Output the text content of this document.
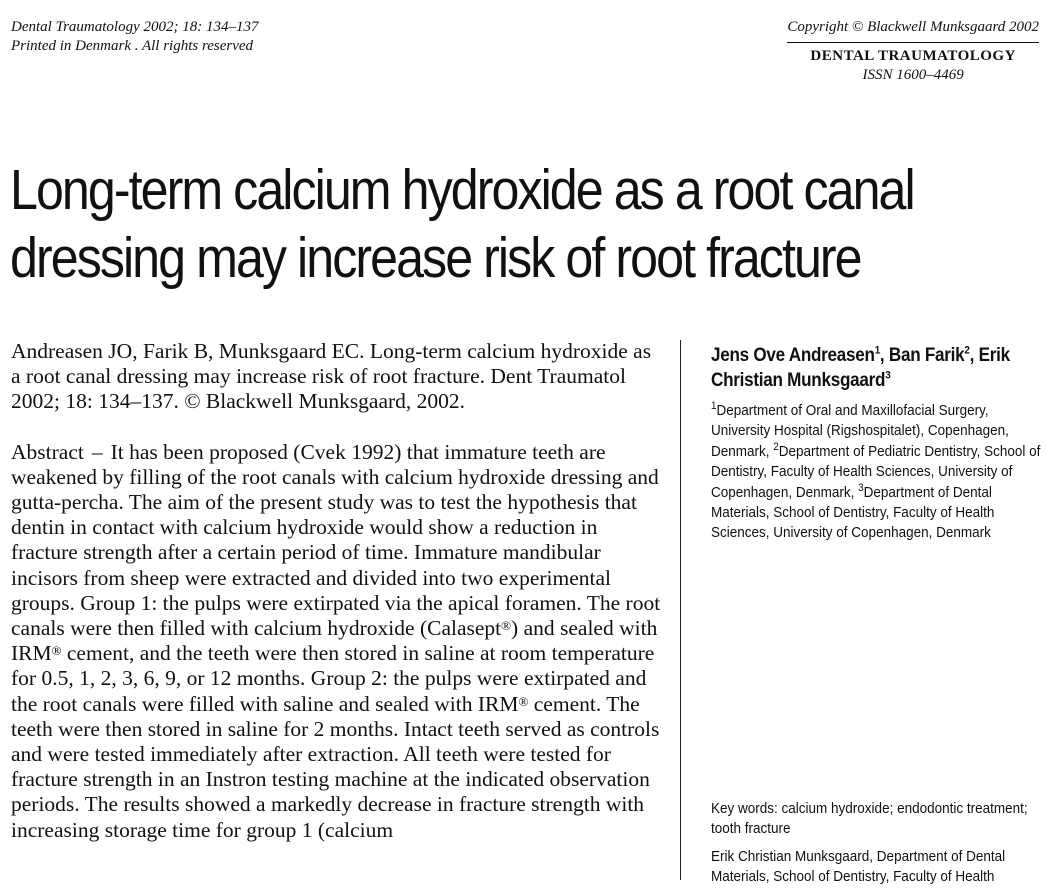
Dental Traumatology 2002; 18: 134–137
Printed in Denmark . All rights reserved
Copyright © Blackwell Munksgaard 2002
DENTAL TRAUMATOLOGY
ISSN 1600–4469
Long-term calcium hydroxide as a root canal
dressing may increase risk of root fracture

Andreasen JO, Farik B, Munksgaard EC. Long-term calcium hydroxide as a root canal dressing may increase risk of root fracture. Dent Traumatol 2002; 18: 134–137. © Blackwell Munksgaard, 2002.

Abstract – It has been proposed (Cvek 1992) that immature teeth are weakened by filling of the root canals with calcium hydroxide dressing and gutta-percha. The aim of the present study was to test the hypothesis that dentin in contact with calcium hydroxide would show a reduction in fracture strength after a certain period of time. Immature mandibular incisors from sheep were extracted and divided into two experimental groups. Group 1: the pulps were extirpated via the apical foramen. The root canals were then filled with calcium hydroxide (Calasept®) and sealed with IRM® cement, and the teeth were then stored in saline at room temperature for 0.5, 1, 2, 3, 6, 9, or 12 months. Group 2: the pulps were extirpated and the root canals were filled with saline and sealed with IRM® cement. The teeth were then stored in saline for 2 months. Intact teeth served as controls and were tested immediately after extraction. All teeth were tested for fracture strength in an Instron testing machine at the indicated observation periods. The results showed a markedly decrease in fracture strength with increasing storage time for group 1 (calcium

Jens Ove Andreasen$^1$, Ban Farik$^2$, Erik Christian Munksgaard$^3$

$^1$Department of Oral and Maxillofacial Surgery, University Hospital (Rigshospitalet), Copenhagen, Denmark, $^2$Department of Pediatric Dentistry, School of Dentistry, Faculty of Health Sciences, University of Copenhagen, Denmark, $^3$Department of Dental Materials, School of Dentistry, Faculty of Health Sciences, University of Copenhagen, Denmark
Key words: calcium hydroxide; endodontic treatment; tooth fracture
Erik Christian Munksgaard, Department of Dental Materials, School of Dentistry, Faculty of Health
